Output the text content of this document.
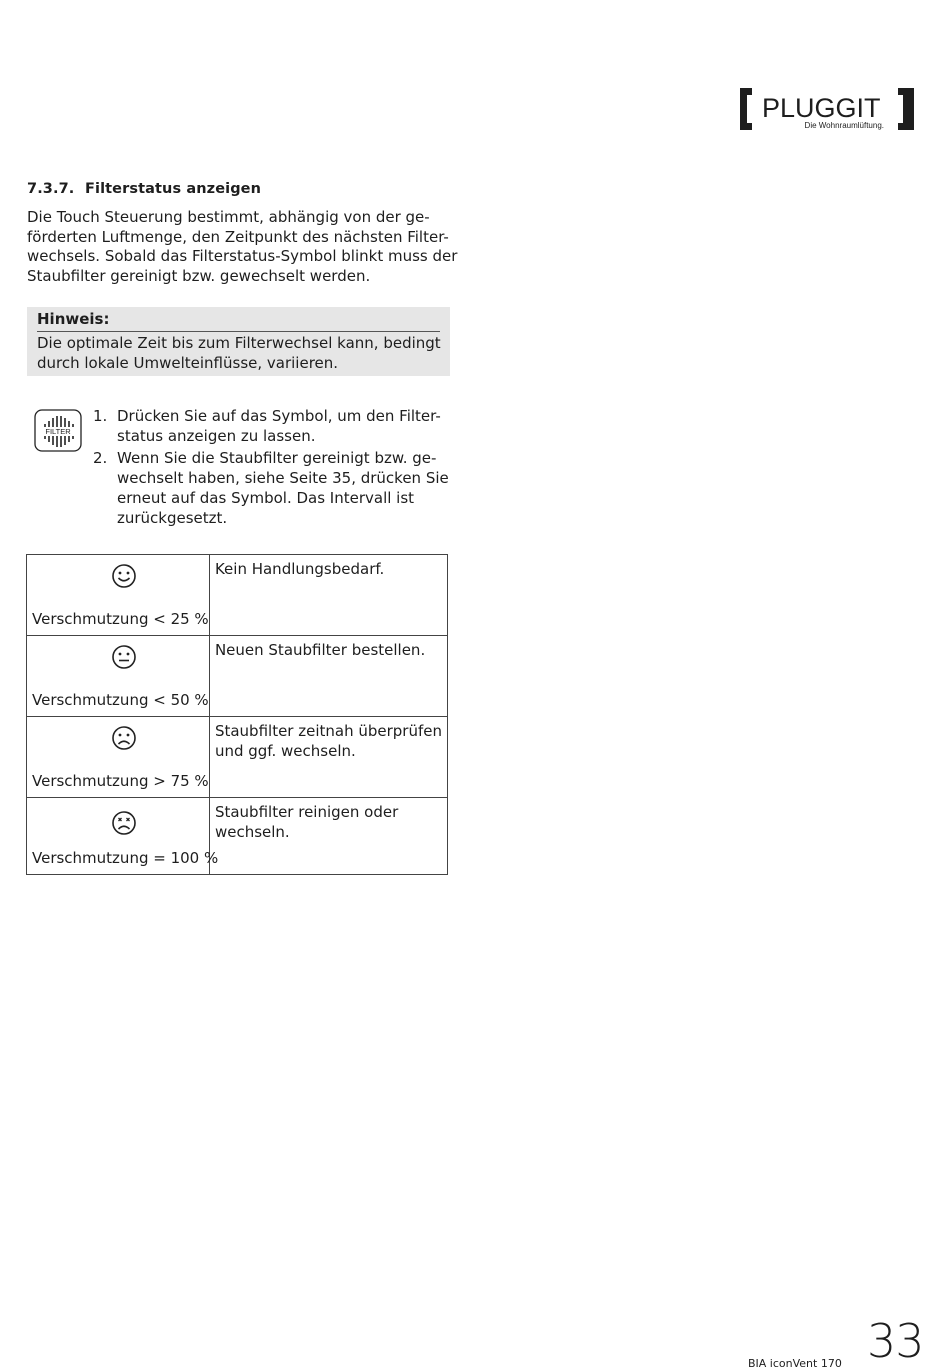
PLUGGIT
Die Wohnraumlüftung.
7.3.7. Filterstatus anzeigen

Die Touch Steuerung bestimmt, abhängig von der ge-
förderten Luftmenge, den Zeitpunkt des nächsten Filter-
wechsels. Sobald das Filterstatus-Symbol blinkt muss der
Staubfilter gereinigt bzw. gewechselt werden.

Hinweis:
Die optimale Zeit bis zum Filterwechsel kann, bedingt
durch lokale Umwelteinflüsse, variieren.
FILTER
1. Drücken Sie auf das Symbol, um den Filter-
status anzeigen zu lassen.
2. Wenn Sie die Staubfilter gereinigt bzw. ge-
wechselt haben, siehe Seite 35, drücken Sie
erneut auf das Symbol. Das Intervall ist
zurückgesetzt.
Verschmutzung < 25 %	Kein Handlungsbedarf.

Verschmutzung < 50 %	Neuen Staubfilter bestellen.

Verschmutzung > 75 %	Staubfilter zeitnah überprüfen
und ggf. wechseln.

Verschmutzung = 100 %	Staubfilter reinigen oder
wechseln.
BIA iconVent 170 33
